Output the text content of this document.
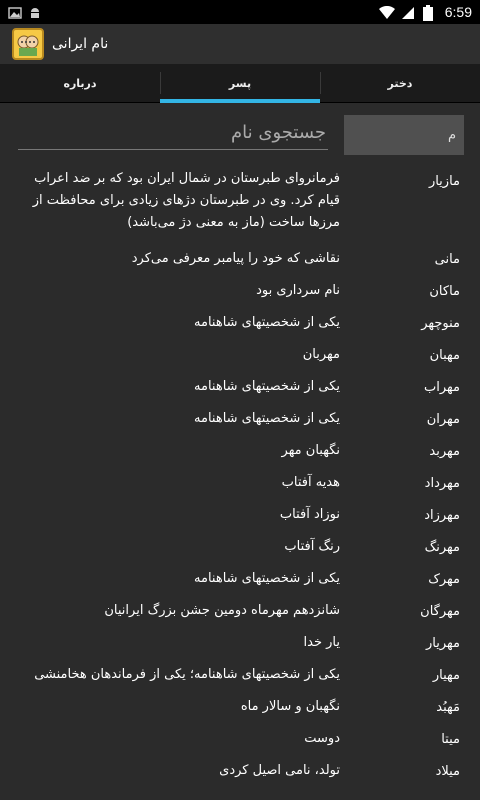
6:59
نام ایرانی
درباره	پسر	دختر
جستجوی نام
م
مازیار
فرمانروای طبرستان در شمال ایران بود که بر ضد اعراب قیام کرد. وی در طبرستان دژهای زیادی برای محافظت از مرزها ساخت (ماز به معنی دژ می‌باشد)
مانی
نقاشی که خود را پیامبر معرفی می‌کرد
ماکان
نام سرداری بود
منوچهر
یکی از شخصیتهای شاهنامه
مهبان
مهربان
مهراب
یکی از شخصیتهای شاهنامه
مهران
یکی از شخصیتهای شاهنامه
مهربد
نگهبان مهر
مهرداد
هدیه آفتاب
مهرزاد
نوزاد آفتاب
مهرنگ
رنگ آفتاب
مهرک
یکی از شخصیتهای شاهنامه
مهرگان
شانزدهم مهرماه دومین جشن بزرگ ایرانیان
مهریار
یار خدا
مهیار
یکی از شخصیتهای شاهنامه؛ یکی از فرماندهان هخامنشی
مَهبُد
نگهبان و سالار ماه
میتا
دوست
میلاد
تولد، نامی اصیل کردی
